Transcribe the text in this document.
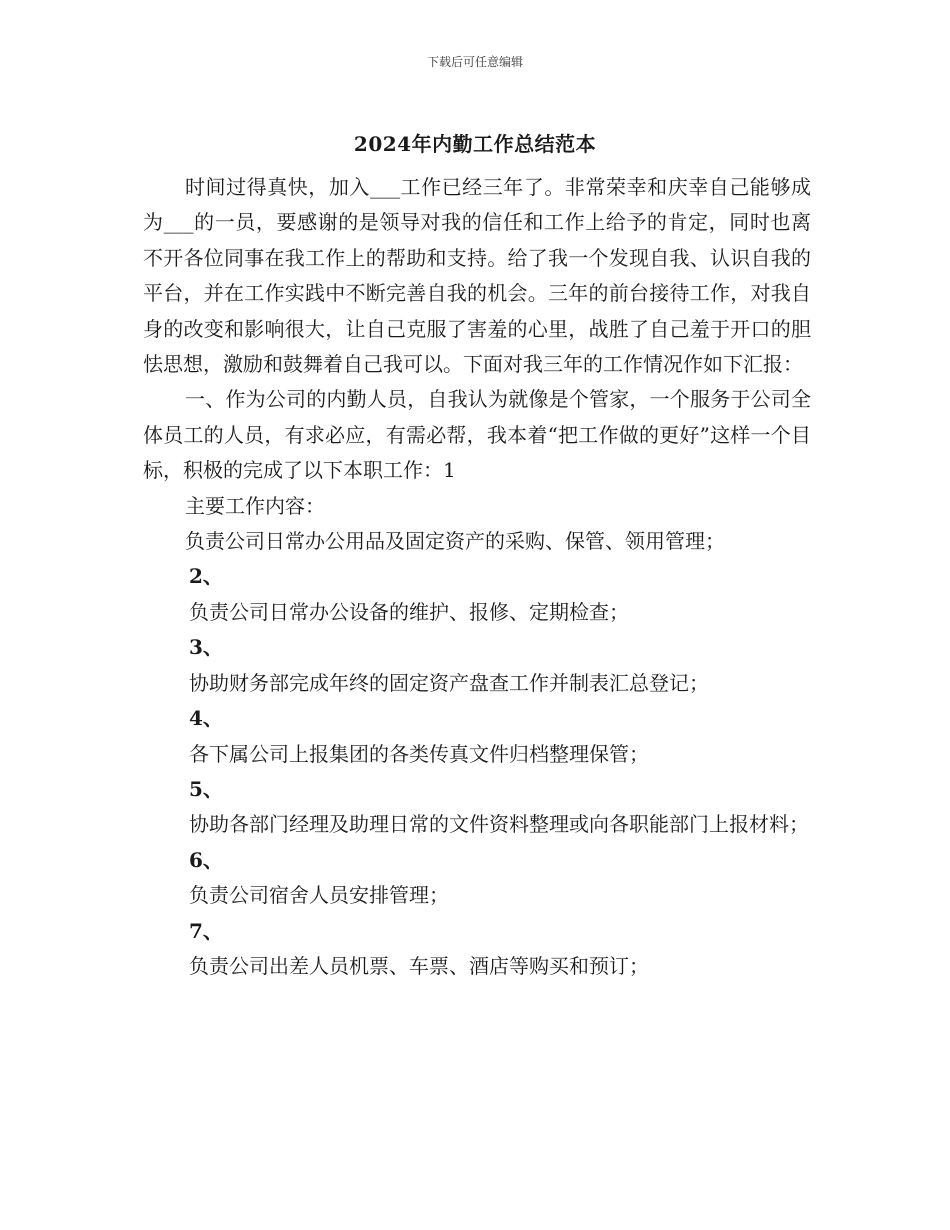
下载后可任意编辑
2024年内勤工作总结范本

时间过得真快，加入___工作已经三年了。非常荣幸和庆幸自己能够成为___的一员，要感谢的是领导对我的信任和工作上给予的肯定，同时也离不开各位同事在我工作上的帮助和支持。给了我一个发现自我、认识自我的平台，并在工作实践中不断完善自我的机会。三年的前台接待工作，对我自身的改变和影响很大，让自己克服了害羞的心里，战胜了自己羞于开口的胆怯思想，激励和鼓舞着自己我可以。下面对我三年的工作情况作如下汇报：

一、作为公司的内勤人员，自我认为就像是个管家，一个服务于公司全体员工的人员，有求必应，有需必帮，我本着“把工作做的更好”这样一个目标，积极的完成了以下本职工作：1

主要工作内容：

负责公司日常办公用品及固定资产的采购、保管、领用管理；

2、

负责公司日常办公设备的维护、报修、定期检查；

3、

协助财务部完成年终的固定资产盘查工作并制表汇总登记；

4、

各下属公司上报集团的各类传真文件归档整理保管；

5、

协助各部门经理及助理日常的文件资料整理或向各职能部门上报材料；

6、

负责公司宿舍人员安排管理；

7、

负责公司出差人员机票、车票、酒店等购买和预订；
